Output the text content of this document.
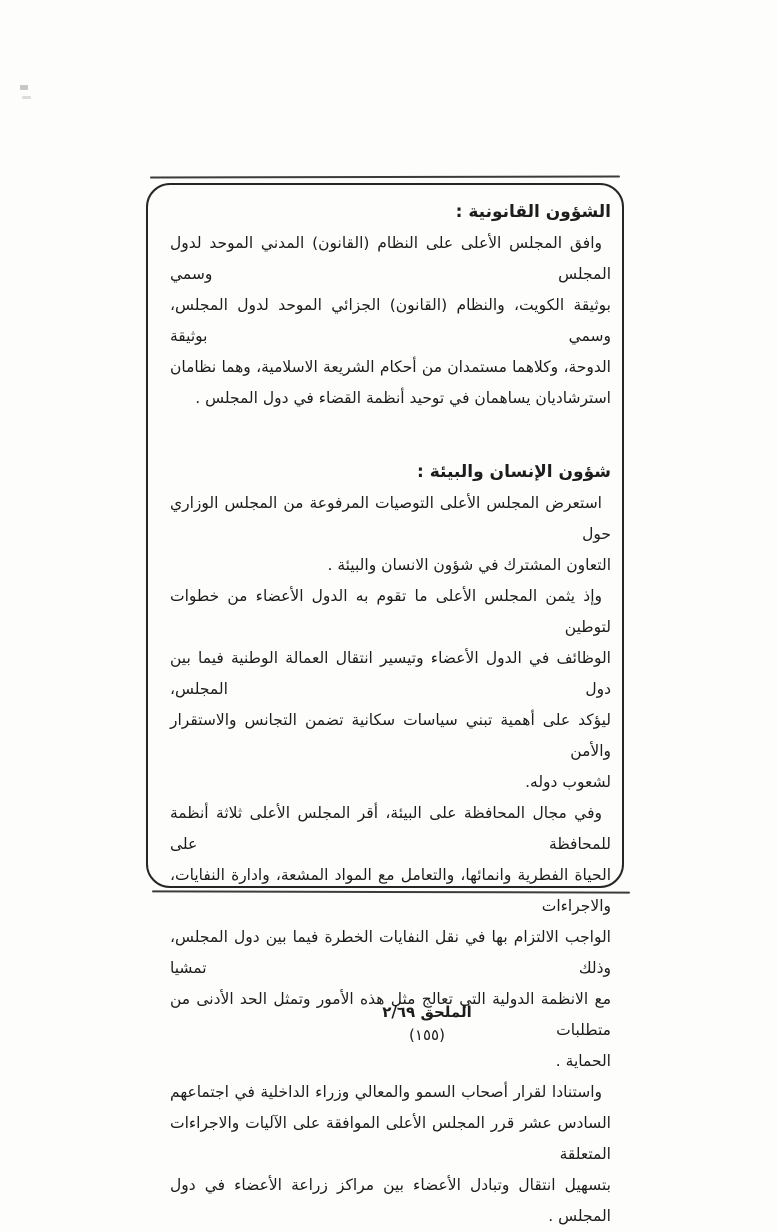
الشؤون القانونية :
وافق المجلس الأعلى على النظام (القانون) المدني الموحد لدول المجلس وسمي
بوثيقة الكويت، والنظام (القانون) الجزائي الموحد لدول المجلس، وسمي بوثيقة
الدوحة، وكلاهما مستمدان من أحكام الشريعة الاسلامية، وهما نظامان
استرشاديان يساهمان في توحيد أنظمة القضاء في دول المجلس .
شؤون الإنسان والبيئة :
استعرض المجلس الأعلى التوصيات المرفوعة من المجلس الوزاري حول
التعاون المشترك في شؤون الانسان والبيئة .
وإذ يثمن المجلس الأعلى ما تقوم به الدول الأعضاء من خطوات لتوطين
الوظائف في الدول الأعضاء وتيسير انتقال العمالة الوطنية فيما بين دول المجلس،
ليؤكد على أهمية تبني سياسات سكانية تضمن التجانس والاستقرار والأمن
لشعوب دوله.
وفي مجال المحافظة على البيئة، أقر المجلس الأعلى ثلاثة أنظمة للمحافظة على
الحياة الفطرية وانمائها، والتعامل مع المواد المشعة، وادارة النفايات، والاجراءات
الواجب الالتزام بها في نقل النفايات الخطرة فيما بين دول المجلس، وذلك تمشيا
مع الانظمة الدولية التي تعالج مثل هذه الأمور وتمثل الحد الأدنى من متطلبات
الحماية .
واستنادا لقرار أصحاب السمو والمعالي وزراء الداخلية في اجتماعهم
السادس عشر قرر المجلس الأعلى الموافقة على الآليات والاجراءات المتعلقة
بتسهيل انتقال وتبادل الأعضاء بين مراكز زراعة الأعضاء في دول المجلس .
الملحق ٢/٦٩
(١٥٥)
